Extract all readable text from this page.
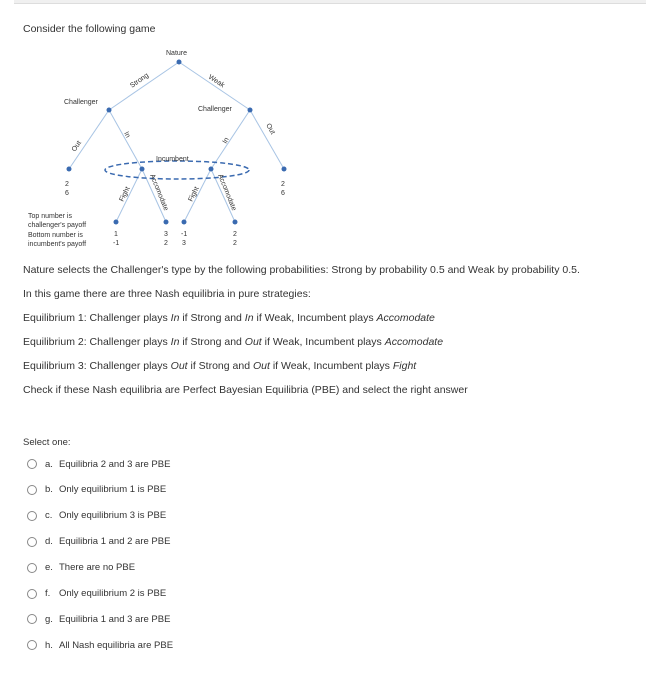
Consider the following game
Nature
Challenger
Challenger
Incumbent
Strong	Weak
Out
In
In
Out
Fight Accomodate	Fight Accomodate
2
6
2
6
1
-1
3
2
-1
3
2
2
Top number is
challenger's payoff
Bottom number is
incumbent's payoff
Nature selects the Challenger's type by the following probabilities: Strong by probability 0.5 and Weak by probability 0.5.
In this game there are three Nash equilibria in pure strategies:
Equilibrium 1: Challenger plays In if Strong and In if Weak, Incumbent plays Accomodate
Equilibrium 2: Challenger plays In if Strong and Out if Weak, Incumbent plays Accomodate
Equilibrium 3: Challenger plays Out if Strong and Out if Weak, Incumbent plays Fight
Check if these Nash equilibria are Perfect Bayesian Equilibria (PBE) and select the right answer
Select one:
a. Equilibria 2 and 3 are PBE
b. Only equilibrium 1 is PBE
c. Only equilibrium 3 is PBE
d. Equilibria 1 and 2 are PBE
e. There are no PBE
f. Only equilibrium 2 is PBE
g. Equilibria 1 and 3 are PBE
h. All Nash equilibria are PBE
